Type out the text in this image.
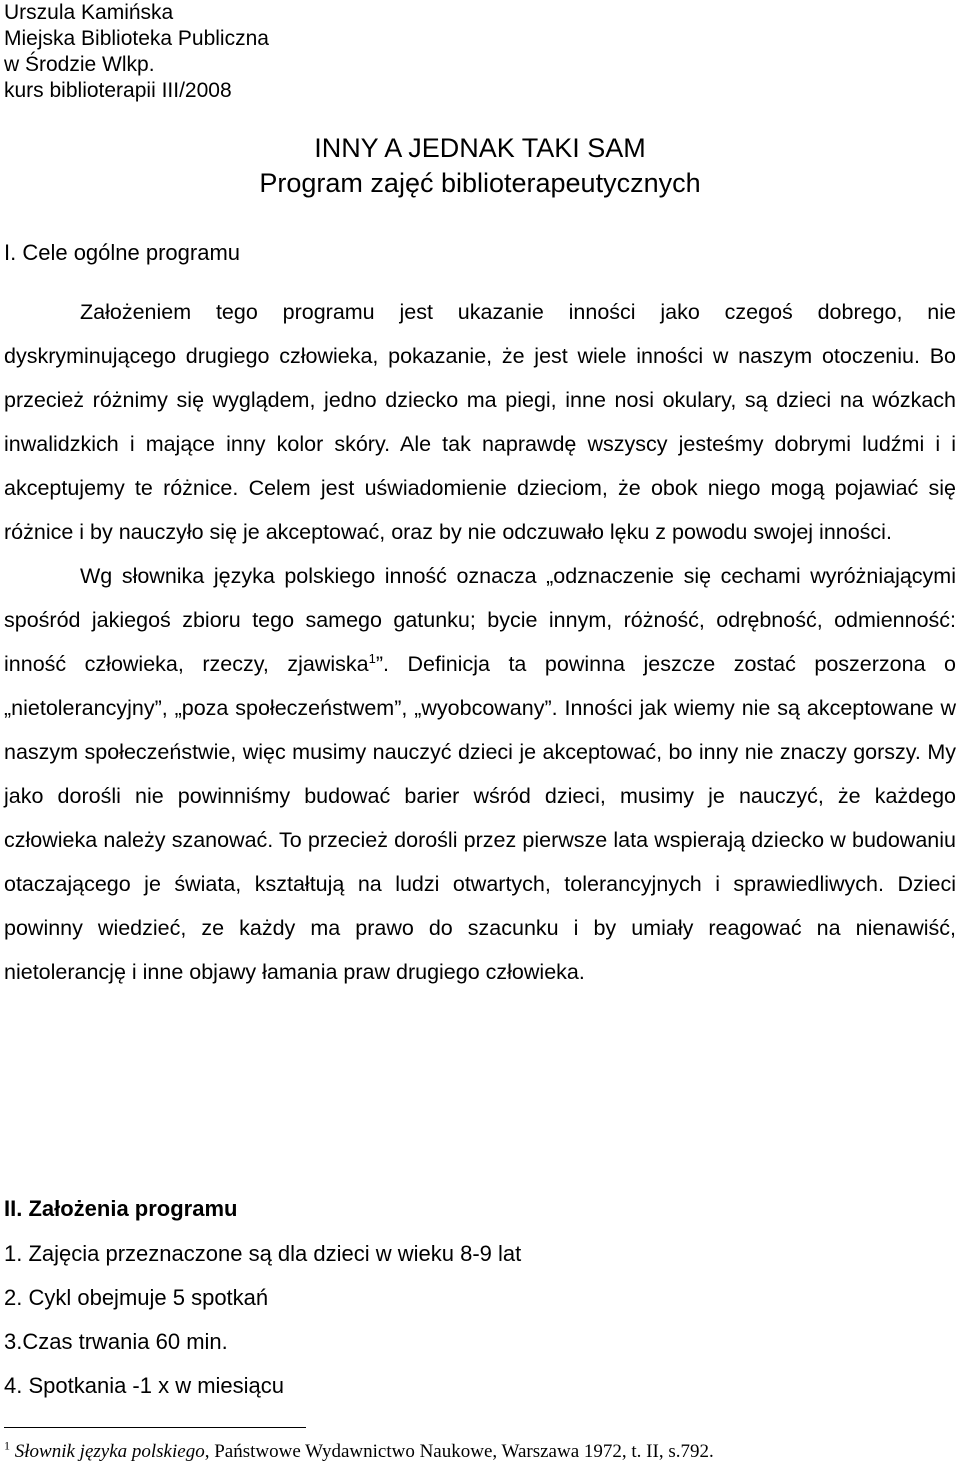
Urszula Kamińska
Miejska Biblioteka Publiczna
w Środzie Wlkp.
kurs biblioterapii III/2008
INNY A JEDNAK TAKI SAM
Program zajęć biblioterapeutycznych
I. Cele ogólne programu

Założeniem tego programu jest ukazanie inności jako czegoś dobrego, nie dyskryminującego drugiego człowieka, pokazanie, że jest wiele inności w naszym otoczeniu. Bo przecież różnimy się wyglądem, jedno dziecko ma piegi, inne nosi okulary, są dzieci na wózkach inwalidzkich i mające inny kolor skóry. Ale tak naprawdę wszyscy jesteśmy dobrymi ludźmi i i akceptujemy te różnice. Celem jest uświadomienie dzieciom, że obok niego mogą pojawiać się różnice i by nauczyło się je akceptować, oraz by nie odczuwało lęku z powodu swojej inności.

Wg słownika języka polskiego inność oznacza „odznaczenie się cechami wyróżniającymi spośród jakiegoś zbioru tego samego gatunku; bycie innym, różność, odrębność, odmienność: inność człowieka, rzeczy, zjawiska$^1$”. Definicja ta powinna jeszcze zostać poszerzona o „nietolerancyjny”, „poza społeczeństwem”, „wyobcowany”. Inności jak wiemy nie są akceptowane w naszym społeczeństwie, więc musimy nauczyć dzieci je akceptować, bo inny nie znaczy gorszy. My jako dorośli nie powinniśmy budować barier wśród dzieci, musimy je nauczyć, że każdego człowieka należy szanować. To przecież dorośli przez pierwsze lata wspierają dziecko w budowaniu otaczającego je świata, kształtują na ludzi otwartych, tolerancyjnych i sprawiedliwych. Dzieci powinny wiedzieć, ze każdy ma prawo do szacunku i by umiały reagować na nienawiść, nietolerancję i inne objawy łamania praw drugiego człowieka.

II. Założenia programu
1. Zajęcia przeznaczone są dla dzieci w wieku 8-9 lat
2. Cykl obejmuje 5 spotkań
3.Czas trwania 60 min.
4. Spotkania -1 x w miesiącu
$^1$ Słownik języka polskiego, Państwowe Wydawnictwo Naukowe, Warszawa 1972, t. II, s.792.
